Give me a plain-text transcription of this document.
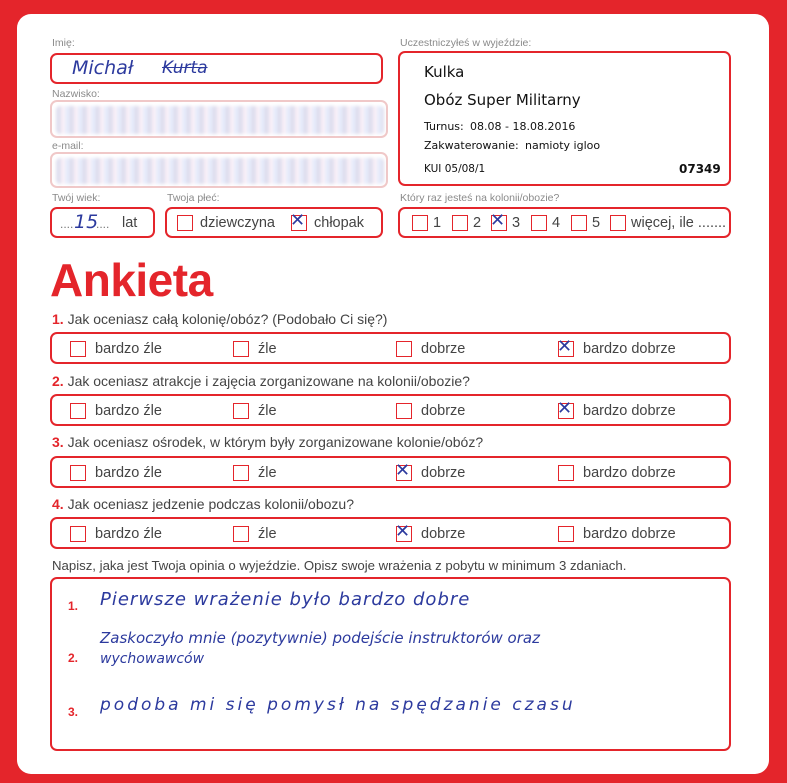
Imię:
Michał Kurta
Nazwisko:
e-mail:
Uczestniczyłeś w wyjeździe:
Kulka
Obóz Super Militarny
Turnus: 08.08 - 18.08.2016
Zakwaterowanie: namioty igloo
KUI 05/08/1	07349
Twój wiek:
.... 15
.... lat
Twoja płeć:
dziewczyna ✕ chłopak
Który raz jesteś na kolonii/obozie?
1 2 ✕ 3 4 5 więcej, ile .......
Ankieta
1. Jak oceniasz całą kolonię/obóz? (Podobało Ci się?)
bardzo źle	źle	dobrze	✕ bardzo dobrze
2. Jak oceniasz atrakcje i zajęcia zorganizowane na kolonii/obozie?
bardzo źle	źle	dobrze	✕ bardzo dobrze
3. Jak oceniasz ośrodek, w którym były zorganizowane kolonie/obóz?
bardzo źle	źle	✕ dobrze	bardzo dobrze
4. Jak oceniasz jedzenie podczas kolonii/obozu?
bardzo źle	źle	✕ dobrze	bardzo dobrze
Napisz, jaka jest Twoja opinia o wyjeździe. Opisz swoje wrażenia z pobytu w minimum 3 zdaniach.
1. Pierwsze wrażenie było bardzo dobre
2.
Zaskoczyło mnie (pozytywnie) podejście instruktorów oraz
wychowawców
3. podoba mi się pomysł na spędzanie czasu
